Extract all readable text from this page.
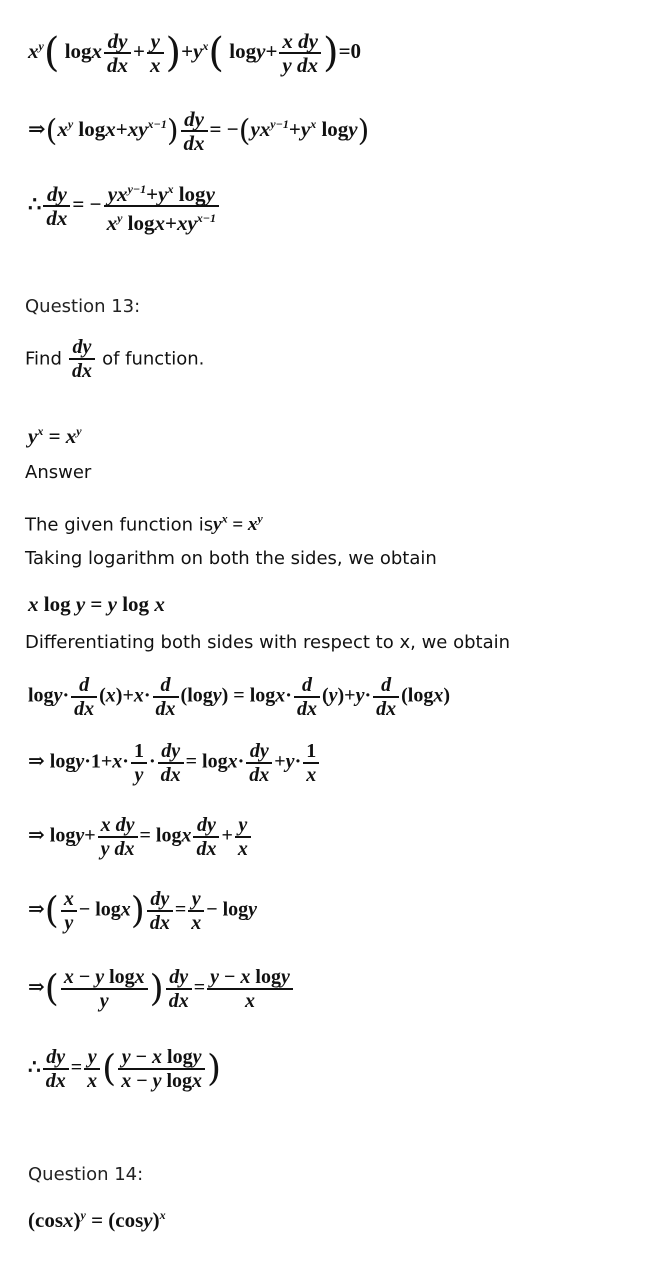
$x^y$( logx $\frac{dy}{dx} + \frac{y}{x} )+y^x$( $\log y+ \frac{\text{x dy}}{\text{y dx}} )=0$
$\Rightarrow(x^y$ $\log x+xy^{x-1}) \frac{dy}{dx} = -(yx^{y-1}+y^x$ logy)
∴ $\frac{dy}{dx}$ = − $\frac{yx^{y-1}+y^x \log y}{x^y \log x+xy^{x-1}}$
Question 13:
Find $\frac{dy}{dx}$ of function.
$y^x = x^y$
Answer
The given function $isy^x = x^y$
Taking logarithm on both the sides, we obtain
x log y = y log x
Differentiating both sides with respect to x, we obtain
$\log y\cdot \frac{d}{dx} (x)+x\cdot \frac{d}{dx} (\log y) = \log x\cdot \frac{d}{dx} (y)+y\cdot \frac{d}{dx} (\log x)$
⇒ $\log y\cdot 1+x\cdot \frac{1}{y} \cdot \frac{dy}{dx} = \log x\cdot \frac{dy}{dx} +y\cdot \frac{1}{x}$
⇒ $\log y+ \frac{\text{x dy}}{\text{y dx}} = \log x \frac{dy}{dx} + \frac{y}{x}$
⇒( $\frac{x}{y} - \log x) \frac{dy}{dx} = \frac{y}{x} - \log y$
⇒( $\frac{\text{x − y logx}}{y}$ ) $\frac{dy}{dx} = \frac{\text{y − x logy}}{x}$
∴ $\frac{dy}{dx} = \frac{y}{x}$ ( $\frac{\text{y − x logy}}{\text{x − y logx}}$ )
Question 14:
$(\cos x)^y = (\cos y)^x$
